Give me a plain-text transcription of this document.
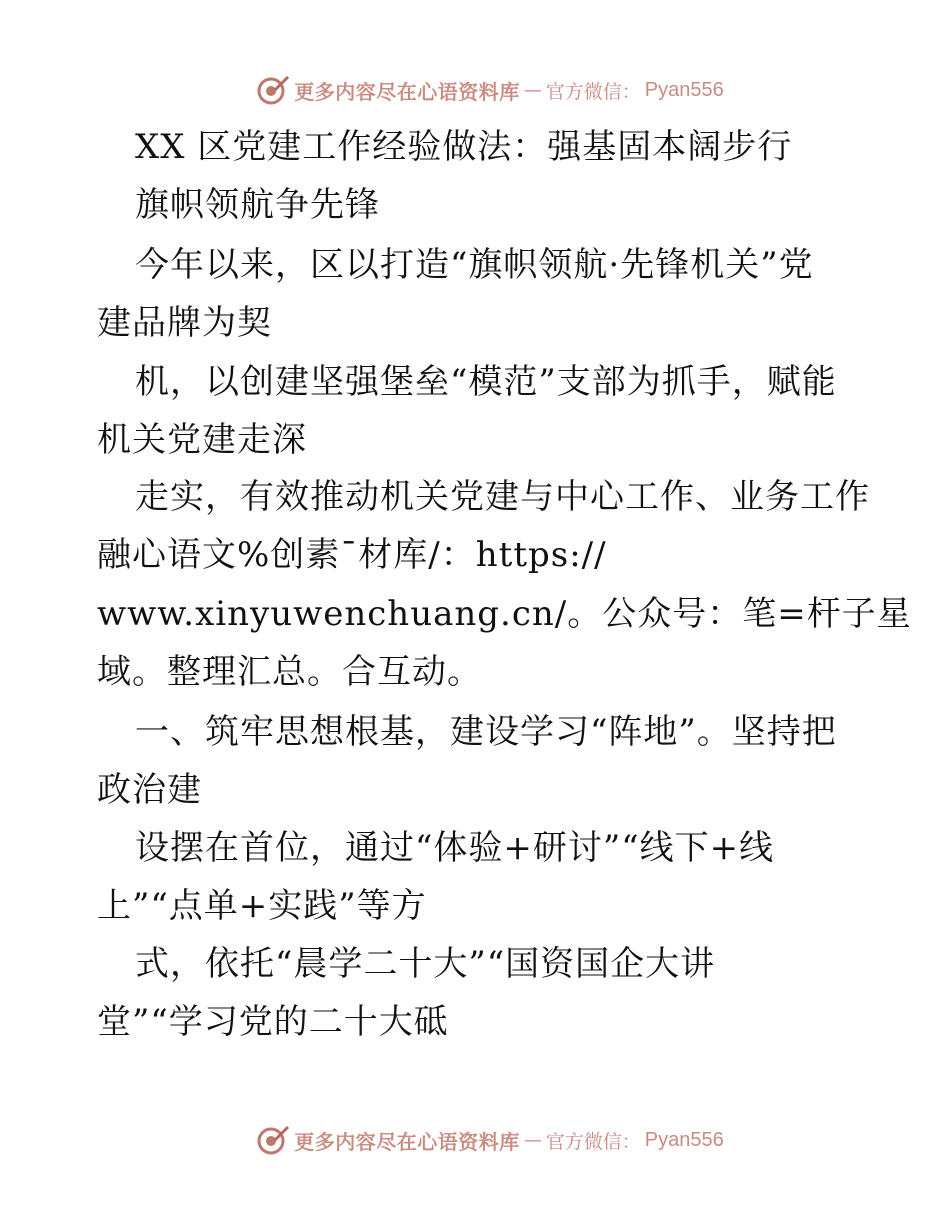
更多内容尽在心语资料库 — 官方微信： Pyan556
XX 区党建工作经验做法：强基固本阔步行
旗帜领航争先锋
今年以来，区以打造“旗帜领航·先锋机关”党
建品牌为契
机，以创建坚强堡垒“模范”支部为抓手，赋能
机关党建走深
走实，有效推动机关党建与中心工作、业务工作
融心语文%创素¯材库/：https://
www.xinyuwenchuang.cn/。公众号：笔=杆子星
域。整理汇总。合互动。
一、筑牢思想根基，建设学习“阵地”。坚持把
政治建
设摆在首位，通过“体验+研讨”“线下+线
上”“点单+实践”等方
式，依托“晨学二十大”“国资国企大讲
堂”“学习党的二十大砥
更多内容尽在心语资料库 — 官方微信： Pyan556
